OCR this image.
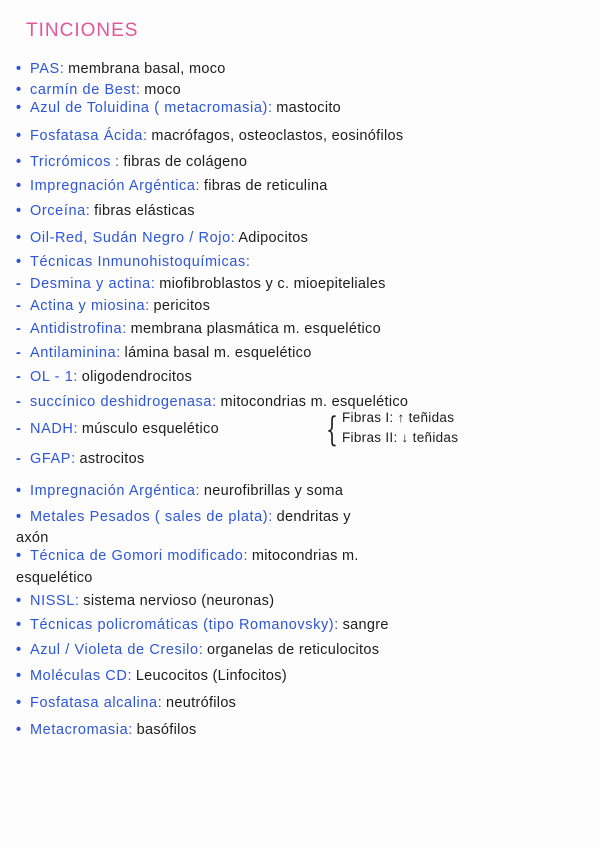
TINCIONES
• PAS: membrana basal, moco
• carmín de Best: moco
• Azul de Toluidina ( metacromasia): mastocito
• Fosfatasa Ácida: macrófagos, osteoclastos, eosinófilos
• Tricrómicos : fibras de colágeno
• Impregnación Argéntica: fibras de reticulina
• Orceína: fibras elásticas
• Oil-Red, Sudán Negro / Rojo: Adipocitos
• Técnicas Inmunohistoquímicas:
- Desmina y actina: miofibroblastos y c. mioepiteliales
- Actina y miosina: pericitos
- Antidistrofina: membrana plasmática m. esquelético
- Antilaminina: lámina basal m. esquelético
- OL - 1: oligodendrocitos
- succínico deshidrogenasa: mitocondrias m. esquelético
- NADH: músculo esquelético
- GFAP: astrocitos
• Impregnación Argéntica: neurofibrillas y soma
• Metales Pesados ( sales de plata): dendritas y
• Técnica de Gomori modificado: mitocondrias m.
• NISSL: sistema nervioso (neuronas)
• Técnicas policromáticas (tipo Romanovsky): sangre
• Azul / Violeta de Cresilo: organelas de reticulocitos
• Moléculas CD: Leucocitos (Linfocitos)
• Fosfatasa alcalina: neutrófilos
• Metacromasia: basófilos
axón
esquelético
{ Fibras I: ↑ teñidas
Fibras II: ↓ teñidas
